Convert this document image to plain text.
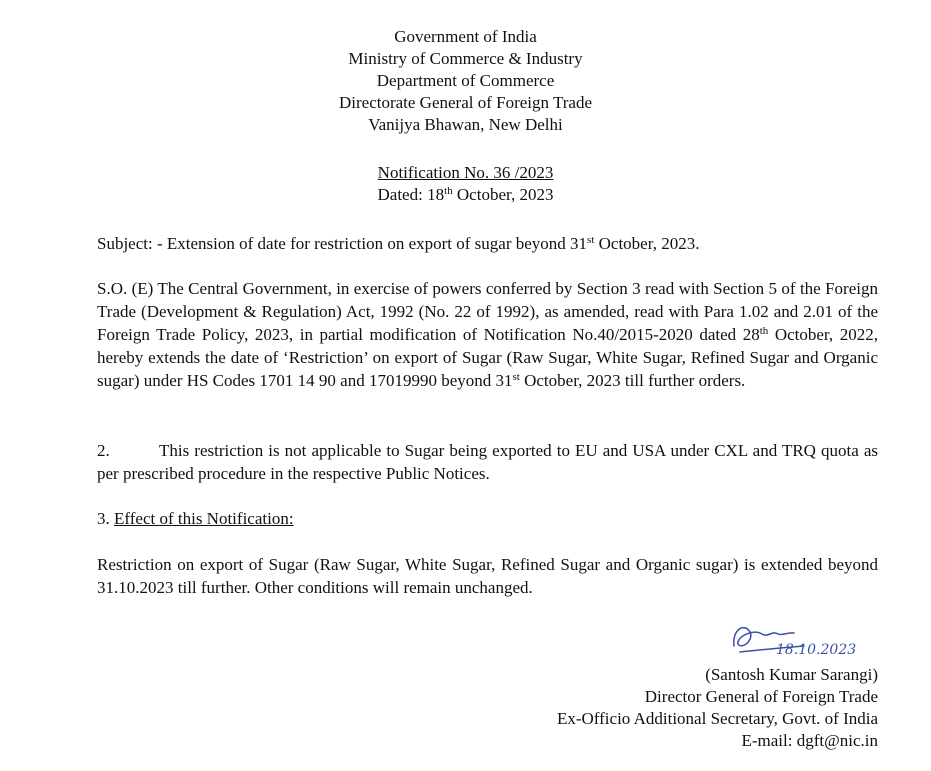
Government of India
Ministry of Commerce & Industry
Department of Commerce
Directorate General of Foreign Trade
Vanijya Bhawan, New Delhi
Notification No. 36 /2023
Dated: 18th October, 2023
Subject: - Extension of date for restriction on export of sugar beyond 31st October, 2023.
S.O. (E) The Central Government, in exercise of powers conferred by Section 3 read with Section 5 of the Foreign Trade (Development & Regulation) Act, 1992 (No. 22 of 1992), as amended, read with Para 1.02 and 2.01 of the Foreign Trade Policy, 2023, in partial modification of Notification No.40/2015-2020 dated 28th October, 2022, hereby extends the date of ‘Restriction’ on export of Sugar (Raw Sugar, White Sugar, Refined Sugar and Organic sugar) under HS Codes 1701 14 90 and 17019990 beyond 31st October, 2023 till further orders.
2.	This restriction is not applicable to Sugar being exported to EU and USA under CXL and TRQ quota as per prescribed procedure in the respective Public Notices.
3. Effect of this Notification:
Restriction on export of Sugar (Raw Sugar, White Sugar, Refined Sugar and Organic sugar) is extended beyond 31.10.2023 till further. Other conditions will remain unchanged.
18.10.2023
(Santosh Kumar Sarangi)
Director General of Foreign Trade
Ex-Officio Additional Secretary, Govt. of India
E-mail: dgft@nic.in
